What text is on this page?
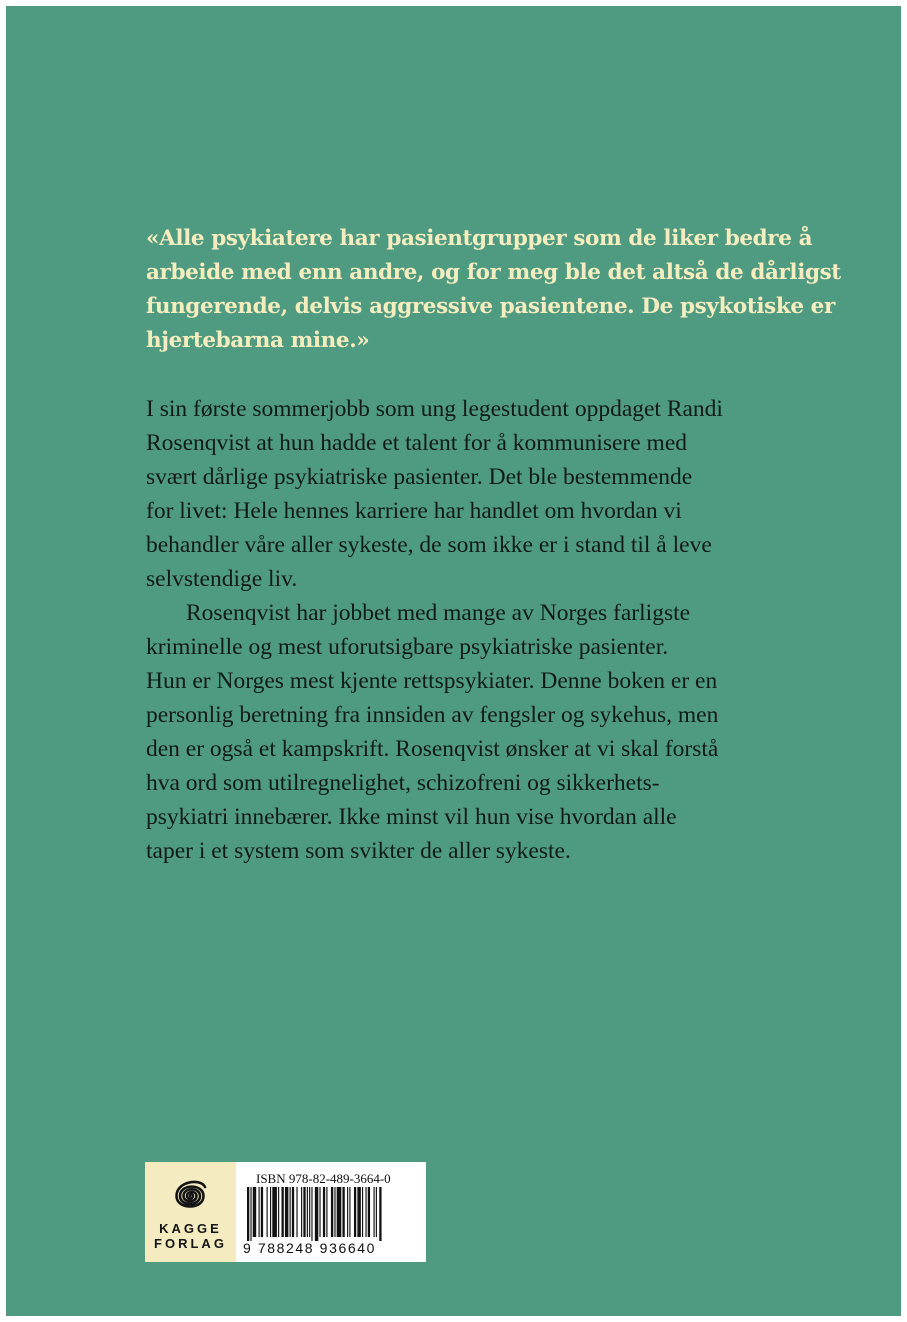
«Alle psykiatere har pasientgrupper som de liker bedre å
arbeide med enn andre, og for meg ble det altså de dårligst
fungerende, delvis aggressive pasientene. De psykotiske er
hjertebarna mine.»

I sin første sommerjobb som ung legestudent oppdaget Randi
Rosenqvist at hun hadde et talent for å kommunisere med
svært dårlige psykiatriske pasienter. Det ble bestemmende
for livet: Hele hennes karriere har handlet om hvordan vi
behandler våre aller sykeste, de som ikke er i stand til å leve
selvstendige liv.
Rosenqvist har jobbet med mange av Norges farligste
kriminelle og mest uforutsigbare psykiatriske pasienter.
Hun er Norges mest kjente rettspsykiater. Denne boken er en
personlig beretning fra innsiden av fengsler og sykehus, men
den er også et kampskrift. Rosenqvist ønsker at vi skal forstå
hva ord som utilregnelighet, schizofreni og sikkerhets-
psykiatri innebærer. Ikke minst vil hun vise hvordan alle
taper i et system som svikter de aller sykeste.
KAGGE
FORLAG
ISBN 978-82-489-3664-0
9 788248 936640
